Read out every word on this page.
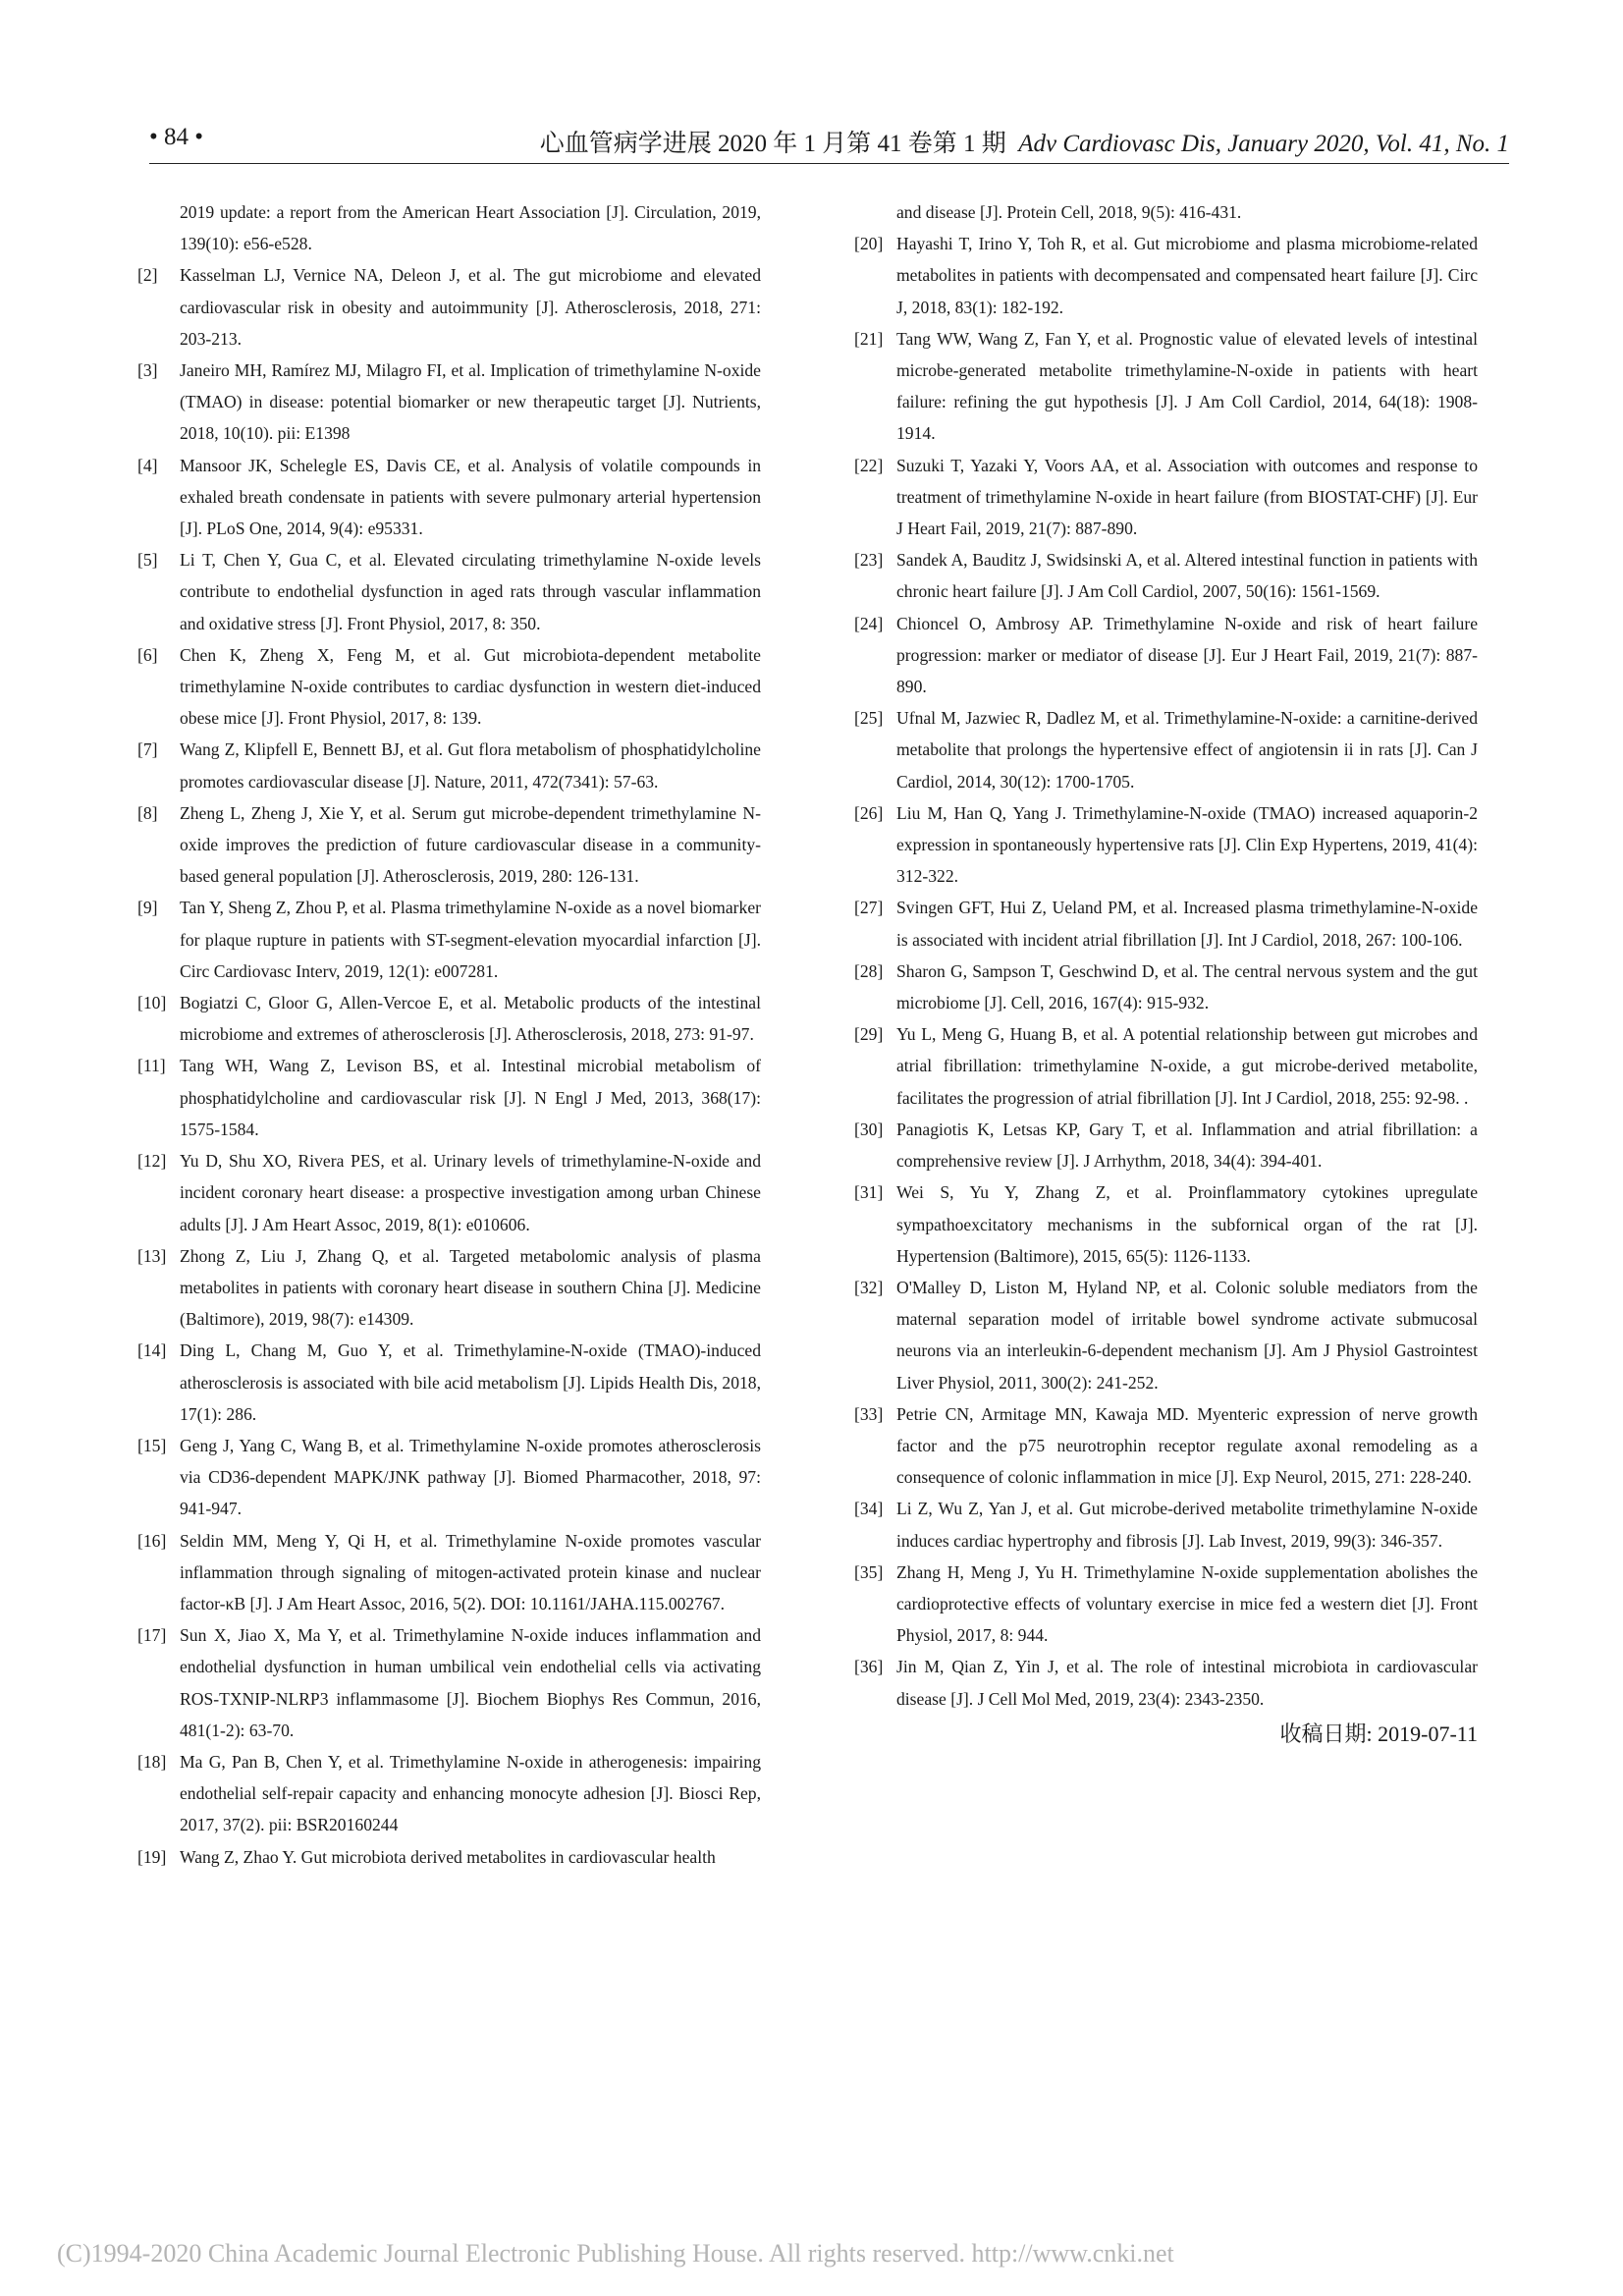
• 84 •	心血管病学进展 2020 年 1 月第 41 卷第 1 期 Adv Cardiovasc Dis, January 2020, Vol. 41, No. 1
2019 update: a report from the American Heart Association [J]. Circulation, 2019, 139(10): e56-e528.
[2] Kasselman LJ, Vernice NA, Deleon J, et al. The gut microbiome and elevated cardiovascular risk in obesity and autoimmunity [J]. Atherosclerosis, 2018, 271: 203-213.
[3] Janeiro MH, Ramírez MJ, Milagro FI, et al. Implication of trimethylamine N-oxide (TMAO) in disease: potential biomarker or new therapeutic target [J]. Nutrients, 2018, 10(10). pii: E1398
[4] Mansoor JK, Schelegle ES, Davis CE, et al. Analysis of volatile compounds in exhaled breath condensate in patients with severe pulmonary arterial hypertension [J]. PLoS One, 2014, 9(4): e95331.
[5] Li T, Chen Y, Gua C, et al. Elevated circulating trimethylamine N-oxide levels contribute to endothelial dysfunction in aged rats through vascular inflammation and oxidative stress [J]. Front Physiol, 2017, 8: 350.
[6] Chen K, Zheng X, Feng M, et al. Gut microbiota-dependent metabolite trimethylamine N-oxide contributes to cardiac dysfunction in western diet-induced obese mice [J]. Front Physiol, 2017, 8: 139.
[7] Wang Z, Klipfell E, Bennett BJ, et al. Gut flora metabolism of phosphatidylcholine promotes cardiovascular disease [J]. Nature, 2011, 472(7341): 57-63.
[8] Zheng L, Zheng J, Xie Y, et al. Serum gut microbe-dependent trimethylamine N-oxide improves the prediction of future cardiovascular disease in a community-based general population [J]. Atherosclerosis, 2019, 280: 126-131.
[9] Tan Y, Sheng Z, Zhou P, et al. Plasma trimethylamine N-oxide as a novel biomarker for plaque rupture in patients with ST-segment-elevation myocardial infarction [J]. Circ Cardiovasc Interv, 2019, 12(1): e007281.
[10] Bogiatzi C, Gloor G, Allen-Vercoe E, et al. Metabolic products of the intestinal microbiome and extremes of atherosclerosis [J]. Atherosclerosis, 2018, 273: 91-97.
[11] Tang WH, Wang Z, Levison BS, et al. Intestinal microbial metabolism of phosphatidylcholine and cardiovascular risk [J]. N Engl J Med, 2013, 368(17): 1575-1584.
[12] Yu D, Shu XO, Rivera PES, et al. Urinary levels of trimethylamine-N-oxide and incident coronary heart disease: a prospective investigation among urban Chinese adults [J]. J Am Heart Assoc, 2019, 8(1): e010606.
[13] Zhong Z, Liu J, Zhang Q, et al. Targeted metabolomic analysis of plasma metabolites in patients with coronary heart disease in southern China [J]. Medicine (Baltimore), 2019, 98(7): e14309.
[14] Ding L, Chang M, Guo Y, et al. Trimethylamine-N-oxide (TMAO)-induced atherosclerosis is associated with bile acid metabolism [J]. Lipids Health Dis, 2018, 17(1): 286.
[15] Geng J, Yang C, Wang B, et al. Trimethylamine N-oxide promotes atherosclerosis via CD36-dependent MAPK/JNK pathway [J]. Biomed Pharmacother, 2018, 97: 941-947.
[16] Seldin MM, Meng Y, Qi H, et al. Trimethylamine N-oxide promotes vascular inflammation through signaling of mitogen-activated protein kinase and nuclear factor-κB [J]. J Am Heart Assoc, 2016, 5(2). DOI: 10.1161/JAHA.115.002767.
[17] Sun X, Jiao X, Ma Y, et al. Trimethylamine N-oxide induces inflammation and endothelial dysfunction in human umbilical vein endothelial cells via activating ROS-TXNIP-NLRP3 inflammasome [J]. Biochem Biophys Res Commun, 2016, 481(1-2): 63-70.
[18] Ma G, Pan B, Chen Y, et al. Trimethylamine N-oxide in atherogenesis: impairing endothelial self-repair capacity and enhancing monocyte adhesion [J]. Biosci Rep, 2017, 37(2). pii: BSR20160244
[19] Wang Z, Zhao Y. Gut microbiota derived metabolites in cardiovascular health
and disease [J]. Protein Cell, 2018, 9(5): 416-431.
[20] Hayashi T, Irino Y, Toh R, et al. Gut microbiome and plasma microbiome-related metabolites in patients with decompensated and compensated heart failure [J]. Circ J, 2018, 83(1): 182-192.
[21] Tang WW, Wang Z, Fan Y, et al. Prognostic value of elevated levels of intestinal microbe-generated metabolite trimethylamine-N-oxide in patients with heart failure: refining the gut hypothesis [J]. J Am Coll Cardiol, 2014, 64(18): 1908-1914.
[22] Suzuki T, Yazaki Y, Voors AA, et al. Association with outcomes and response to treatment of trimethylamine N-oxide in heart failure (from BIOSTAT-CHF) [J]. Eur J Heart Fail, 2019, 21(7): 887-890.
[23] Sandek A, Bauditz J, Swidsinski A, et al. Altered intestinal function in patients with chronic heart failure [J]. J Am Coll Cardiol, 2007, 50(16): 1561-1569.
[24] Chioncel O, Ambrosy AP. Trimethylamine N-oxide and risk of heart failure progression: marker or mediator of disease [J]. Eur J Heart Fail, 2019, 21(7): 887-890.
[25] Ufnal M, Jazwiec R, Dadlez M, et al. Trimethylamine-N-oxide: a carnitine-derived metabolite that prolongs the hypertensive effect of angiotensin ii in rats [J]. Can J Cardiol, 2014, 30(12): 1700-1705.
[26] Liu M, Han Q, Yang J. Trimethylamine-N-oxide (TMAO) increased aquaporin-2 expression in spontaneously hypertensive rats [J]. Clin Exp Hypertens, 2019, 41(4): 312-322.
[27] Svingen GFT, Hui Z, Ueland PM, et al. Increased plasma trimethylamine-N-oxide is associated with incident atrial fibrillation [J]. Int J Cardiol, 2018, 267: 100-106.
[28] Sharon G, Sampson T, Geschwind D, et al. The central nervous system and the gut microbiome [J]. Cell, 2016, 167(4): 915-932.
[29] Yu L, Meng G, Huang B, et al. A potential relationship between gut microbes and atrial fibrillation: trimethylamine N-oxide, a gut microbe-derived metabolite, facilitates the progression of atrial fibrillation [J]. Int J Cardiol, 2018, 255: 92-98. .
[30] Panagiotis K, Letsas KP, Gary T, et al. Inflammation and atrial fibrillation: a comprehensive review [J]. J Arrhythm, 2018, 34(4): 394-401.
[31] Wei S, Yu Y, Zhang Z, et al. Proinflammatory cytokines upregulate sympathoexcitatory mechanisms in the subfornical organ of the rat [J]. Hypertension (Baltimore), 2015, 65(5): 1126-1133.
[32] O'Malley D, Liston M, Hyland NP, et al. Colonic soluble mediators from the maternal separation model of irritable bowel syndrome activate submucosal neurons via an interleukin-6-dependent mechanism [J]. Am J Physiol Gastrointest Liver Physiol, 2011, 300(2): 241-252.
[33] Petrie CN, Armitage MN, Kawaja MD. Myenteric expression of nerve growth factor and the p75 neurotrophin receptor regulate axonal remodeling as a consequence of colonic inflammation in mice [J]. Exp Neurol, 2015, 271: 228-240.
[34] Li Z, Wu Z, Yan J, et al. Gut microbe-derived metabolite trimethylamine N-oxide induces cardiac hypertrophy and fibrosis [J]. Lab Invest, 2019, 99(3): 346-357.
[35] Zhang H, Meng J, Yu H. Trimethylamine N-oxide supplementation abolishes the cardioprotective effects of voluntary exercise in mice fed a western diet [J]. Front Physiol, 2017, 8: 944.
[36] Jin M, Qian Z, Yin J, et al. The role of intestinal microbiota in cardiovascular disease [J]. J Cell Mol Med, 2019, 23(4): 2343-2350.
收稿日期: 2019-07-11
(C)1994-2020 China Academic Journal Electronic Publishing House. All rights reserved. http://www.cnki.net
